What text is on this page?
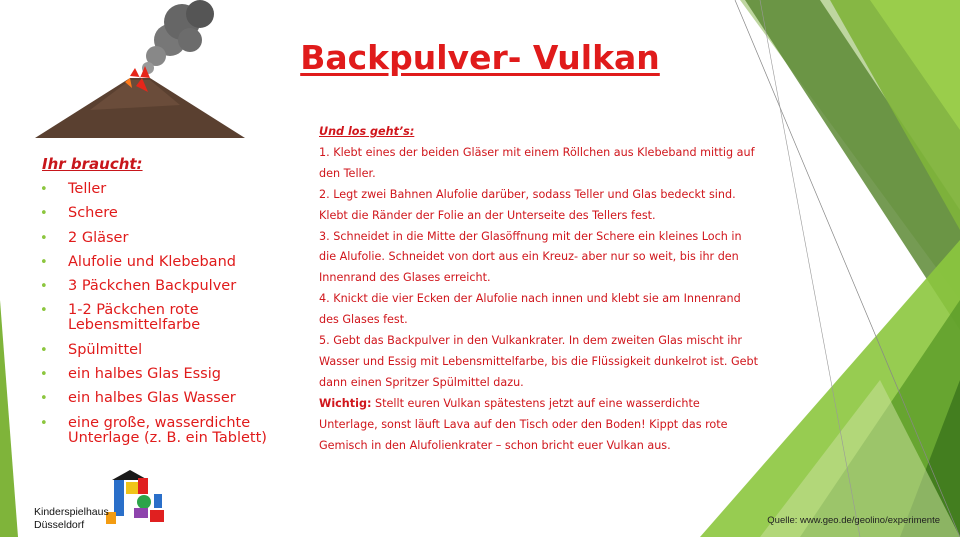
Backpulver- Vulkan
Ihr braucht:
• Teller
• Schere
• 2 Gläser
• Alufolie und Klebeband
• 3 Päckchen Backpulver
• 1-2 Päckchen rote Lebensmittelfarbe
• Spülmittel
• ein halbes Glas Essig
• ein halbes Glas Wasser
• eine große, wasserdichte Unterlage (z. B. ein Tablett)

Und los geht’s:

1. Klebt eines der beiden Gläser mit einem Röllchen aus Klebeband mittig auf den Teller.

2. Legt zwei Bahnen Alufolie darüber, sodass Teller und Glas bedeckt sind. Klebt die Ränder der Folie an der Unterseite des Tellers fest.

3. Schneidet in die Mitte der Glasöffnung mit der Schere ein kleines Loch in die Alufolie. Schneidet von dort aus ein Kreuz- aber nur so weit, bis ihr den Innenrand des Glases erreicht.

4. Knickt die vier Ecken der Alufolie nach innen und klebt sie am Innenrand des Glases fest.

5. Gebt das Backpulver in den Vulkankrater. In dem zweiten Glas mischt ihr Wasser und Essig mit Lebensmittelfarbe, bis die Flüssigkeit dunkelrot ist. Gebt dann einen Spritzer Spülmittel dazu.

Wichtig: Stellt euren Vulkan spätestens jetzt auf eine wasserdichte Unterlage, sonst läuft Lava auf den Tisch oder den Boden! Kippt das rote Gemisch in den Alufolienkrater – schon bricht euer Vulkan aus.

Kinderspielhaus
Düsseldorf	Quelle: www.geo.de/geolino/experimente
